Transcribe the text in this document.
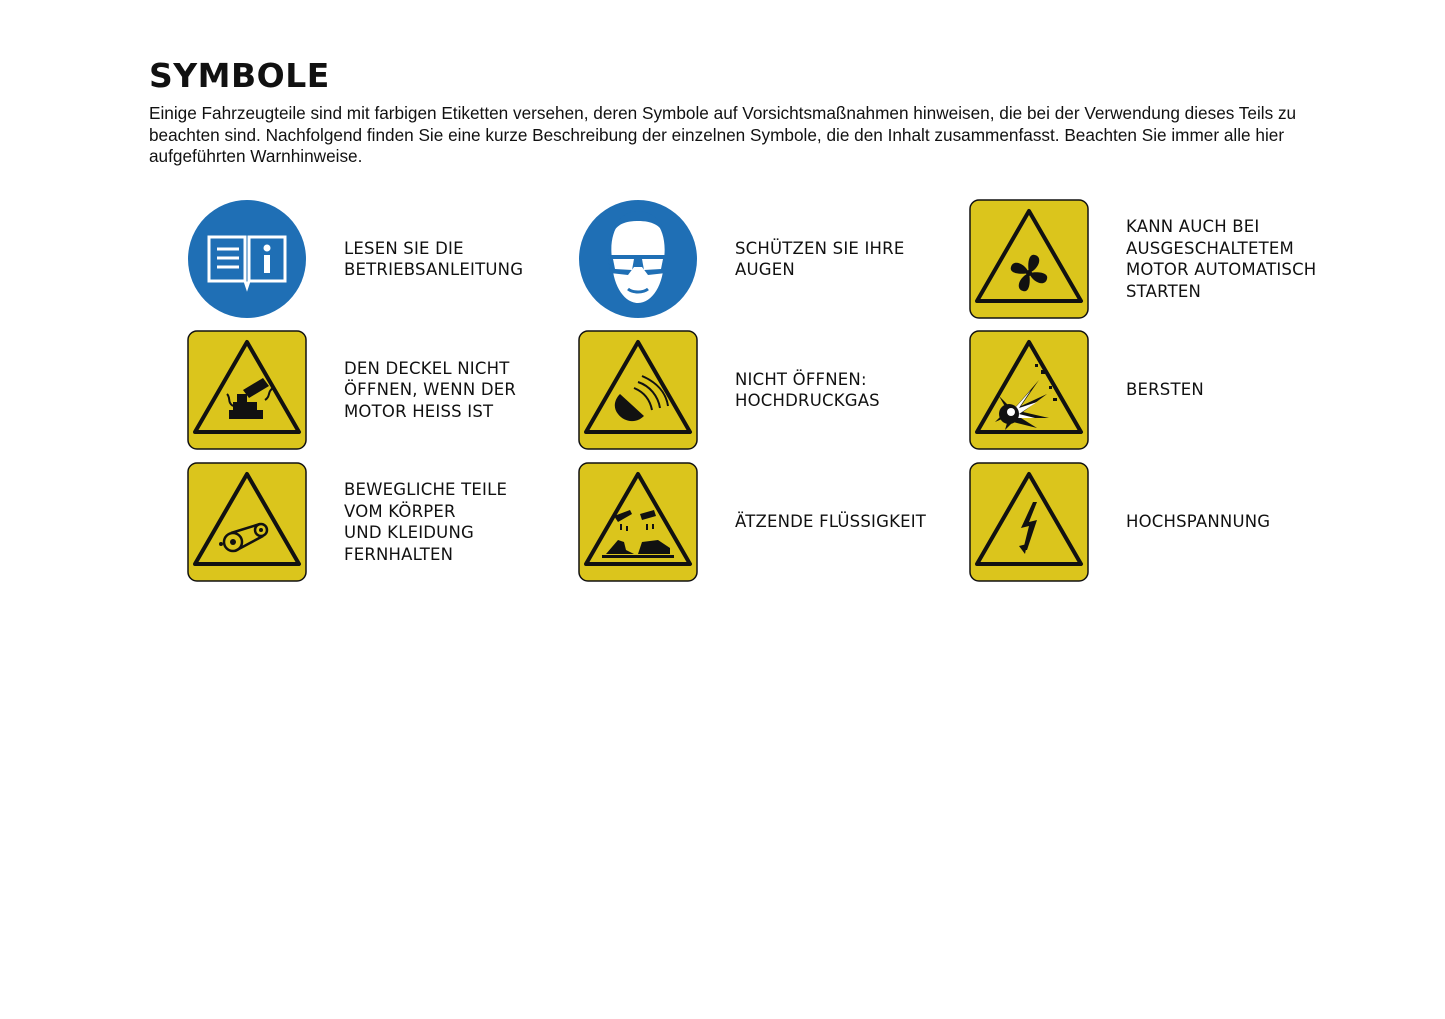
SYMBOLE

Einige Fahrzeugteile sind mit farbigen Etiketten versehen, deren Symbole auf Vorsichtsmaßnahmen hinweisen, die bei der Verwendung dieses Teils zu beachten sind. Nachfolgend finden Sie eine kurze Beschreibung der einzelnen Symbole, die den Inhalt zusammenfasst. Beachten Sie immer alle hier aufgeführten Warnhinweise.

LESEN SIE DIE
BETRIEBSANLEITUNG
SCHÜTZEN SIE IHRE
AUGEN
KANN AUCH BEI
AUSGESCHALTETEM
MOTOR AUTOMATISCH
STARTEN
DEN DECKEL NICHT
ÖFFNEN, WENN DER
MOTOR HEISS IST
NICHT ÖFFNEN:
HOCHDRUCKGAS
BERSTEN
BEWEGLICHE TEILE
VOM KÖRPER
UND KLEIDUNG
FERNHALTEN
ÄTZENDE FLÜSSIGKEIT	HOCHSPANNUNG
